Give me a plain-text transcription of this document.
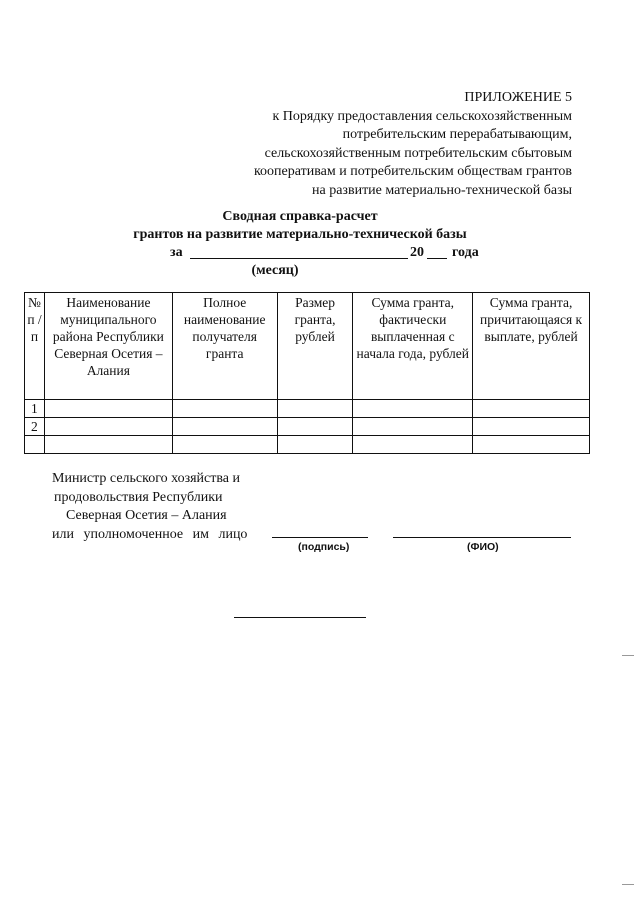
ПРИЛОЖЕНИЕ 5
к Порядку предоставления сельскохозяйственным
потребительским перерабатывающим,
сельскохозяйственным потребительским сбытовым
кооперативам и потребительским обществам грантов
на развитие материально-технической базы
Сводная справка-расчет
грантов на развитие материально-технической базы
за	20 года
(месяц)
№ п / п	Наименование муниципального района Республики Северная Осетия – Алания	Полное наименование получателя гранта	Размер гранта, рублей	Сумма гранта, фактически выплаченная с начала года, рублей	Сумма гранта, причитающаяся к выплате, рублей
1					
2					

Министр сельского хозяйства и
продовольствия Республики
Северная Осетия – Алания
или уполномоченное им лицо
(подпись)	(ФИО)
